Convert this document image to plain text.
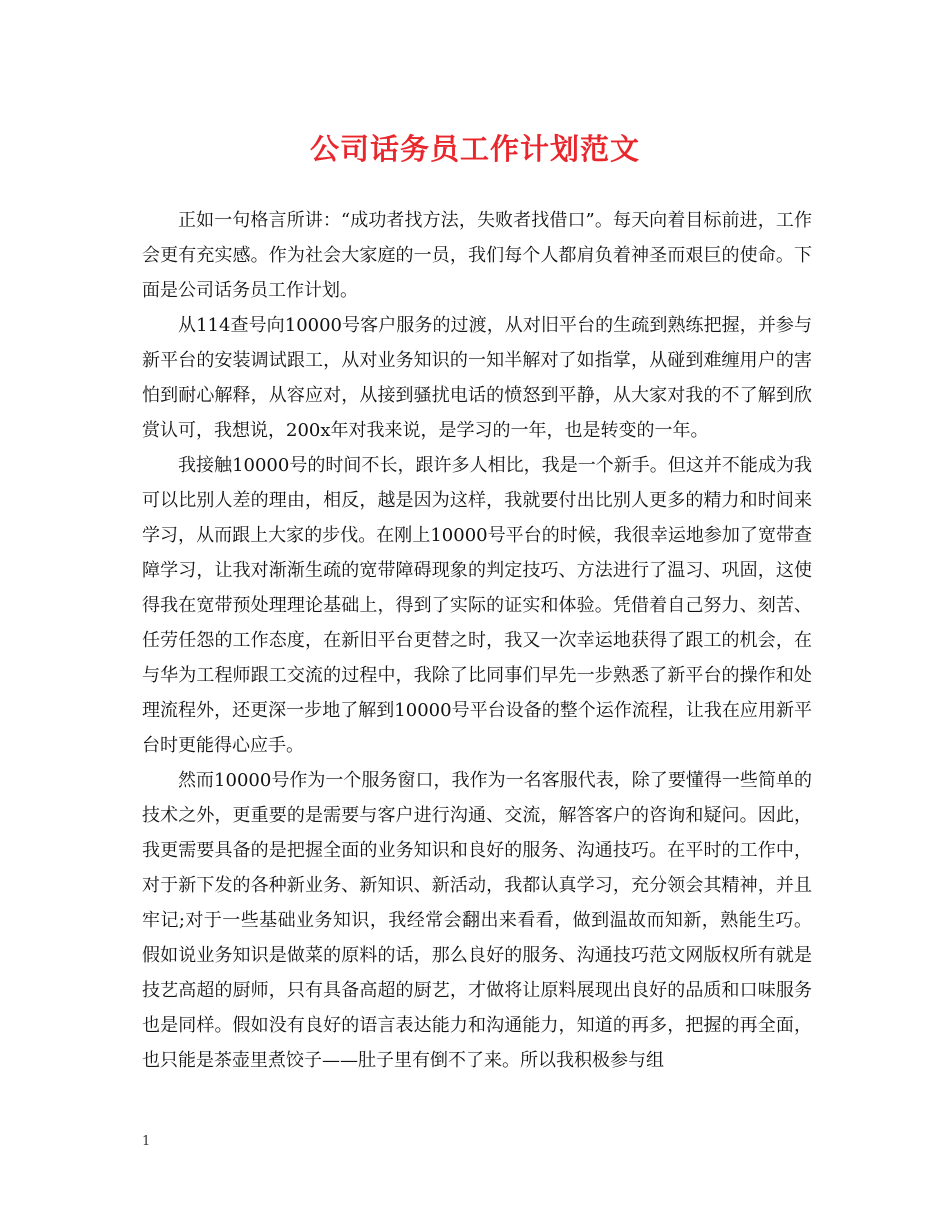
公司话务员工作计划范文

正如一句格言所讲：“成功者找方法，失败者找借口”。每天向着目标前进，工作会更有充实感。作为社会大家庭的一员，我们每个人都肩负着神圣而艰巨的使命。下面是公司话务员工作计划。

从114查号向10000号客户服务的过渡，从对旧平台的生疏到熟练把握，并参与新平台的安装调试跟工，从对业务知识的一知半解对了如指掌，从碰到难缠用户的害怕到耐心解释，从容应对，从接到骚扰电话的愤怒到平静，从大家对我的不了解到欣赏认可，我想说，200x年对我来说，是学习的一年，也是转变的一年。

我接触10000号的时间不长，跟许多人相比，我是一个新手。但这并不能成为我可以比别人差的理由，相反，越是因为这样，我就要付出比别人更多的精力和时间来学习，从而跟上大家的步伐。在刚上10000号平台的时候，我很幸运地参加了宽带查障学习，让我对渐渐生疏的宽带障碍现象的判定技巧、方法进行了温习、巩固，这使得我在宽带预处理理论基础上，得到了实际的证实和体验。凭借着自己努力、刻苦、任劳任怨的工作态度，在新旧平台更替之时，我又一次幸运地获得了跟工的机会，在与华为工程师跟工交流的过程中，我除了比同事们早先一步熟悉了新平台的操作和处理流程外，还更深一步地了解到10000号平台设备的整个运作流程，让我在应用新平台时更能得心应手。

然而10000号作为一个服务窗口，我作为一名客服代表，除了要懂得一些简单的技术之外，更重要的是需要与客户进行沟通、交流，解答客户的咨询和疑问。因此，我更需要具备的是把握全面的业务知识和良好的服务、沟通技巧。在平时的工作中，对于新下发的各种新业务、新知识、新活动，我都认真学习，充分领会其精神，并且牢记;对于一些基础业务知识，我经常会翻出来看看，做到温故而知新，熟能生巧。假如说业务知识是做菜的原料的话，那么良好的服务、沟通技巧范文网版权所有就是技艺高超的厨师，只有具备高超的厨艺，才做将让原料展现出良好的品质和口味服务也是同样。假如没有良好的语言表达能力和沟通能力，知道的再多，把握的再全面，也只能是茶壶里煮饺子——肚子里有倒不了来。所以我积极参与组

1
